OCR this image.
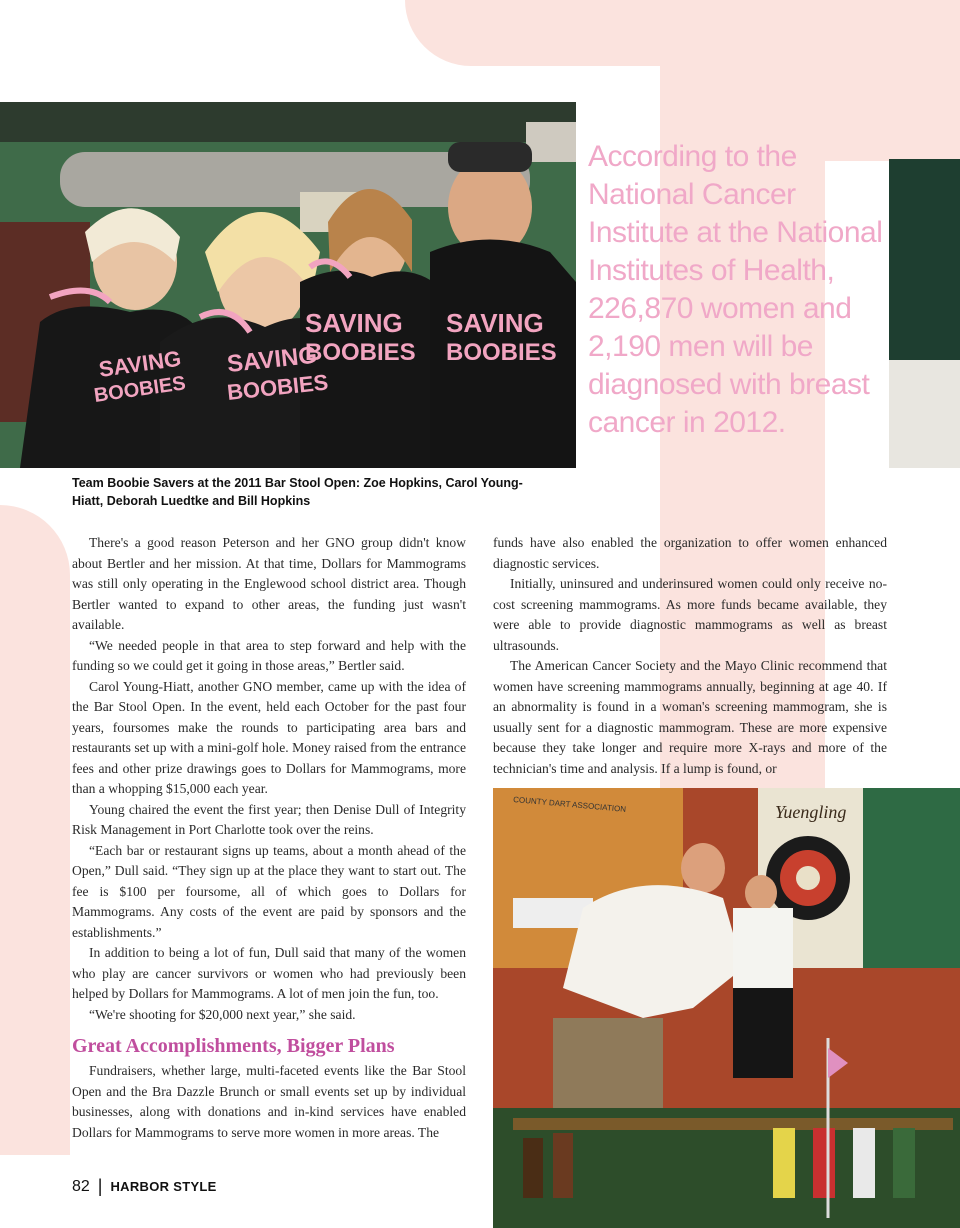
SAVING
BOOBIES
SAVING
BOOBIES
SAVING
BOOBIES
SAVING
BOOBIES
According to the National Cancer Institute at the National Institutes of Health, 226,870 women and 2,190 men will be diagnosed with breast cancer in 2012.
Team Boobie Savers at the 2011 Bar Stool Open: Zoe Hopkins, Carol Young-Hiatt, Deborah Luedtke and Bill Hopkins

There's a good reason Peterson and her GNO group didn't know about Bertler and her mission. At that time, Dollars for Mammograms was still only operating in the Englewood school district area. Though Bertler wanted to expand to other areas, the funding just wasn't available.

“We needed people in that area to step forward and help with the funding so we could get it going in those areas,” Bertler said.

Carol Young-Hiatt, another GNO member, came up with the idea of the Bar Stool Open. In the event, held each October for the past four years, foursomes make the rounds to participating area bars and restaurants set up with a mini-golf hole. Money raised from the entrance fees and other prize drawings goes to Dollars for Mammograms, more than a whopping $15,000 each year.

Young chaired the event the first year; then Denise Dull of Integrity Risk Management in Port Charlotte took over the reins.

“Each bar or restaurant signs up teams, about a month ahead of the Open,” Dull said. “They sign up at the place they want to start out. The fee is $100 per foursome, all of which goes to Dollars for Mammograms. Any costs of the event are paid by sponsors and the establishments.”

In addition to being a lot of fun, Dull said that many of the women who play are cancer survivors or women who had previously been helped by Dollars for Mammograms. A lot of men join the fun, too.

“We're shooting for $20,000 next year,” she said.

Great Accomplishments, Bigger Plans

Fundraisers, whether large, multi-faceted events like the Bar Stool Open and the Bra Dazzle Brunch or small events set up by individual businesses, along with donations and in-kind services have enabled Dollars for Mammograms to serve more women in more areas. The

funds have also enabled the organization to offer women enhanced diagnostic services.

Initially, uninsured and underinsured women could only receive no-cost screening mammograms. As more funds became available, they were able to provide diagnostic mammograms as well as breast ultrasounds.

The American Cancer Society and the Mayo Clinic recommend that women have screening mammograms annually, beginning at age 40. If an abnormality is found in a woman's screening mammogram, she is usually sent for a diagnostic mammogram. These are more expensive because they take longer and require more X-rays and more of the technician's time and analysis. If a lump is found, or

Yuengling
COUNTY DART ASSOCIATION
82 | HARBOR STYLE
